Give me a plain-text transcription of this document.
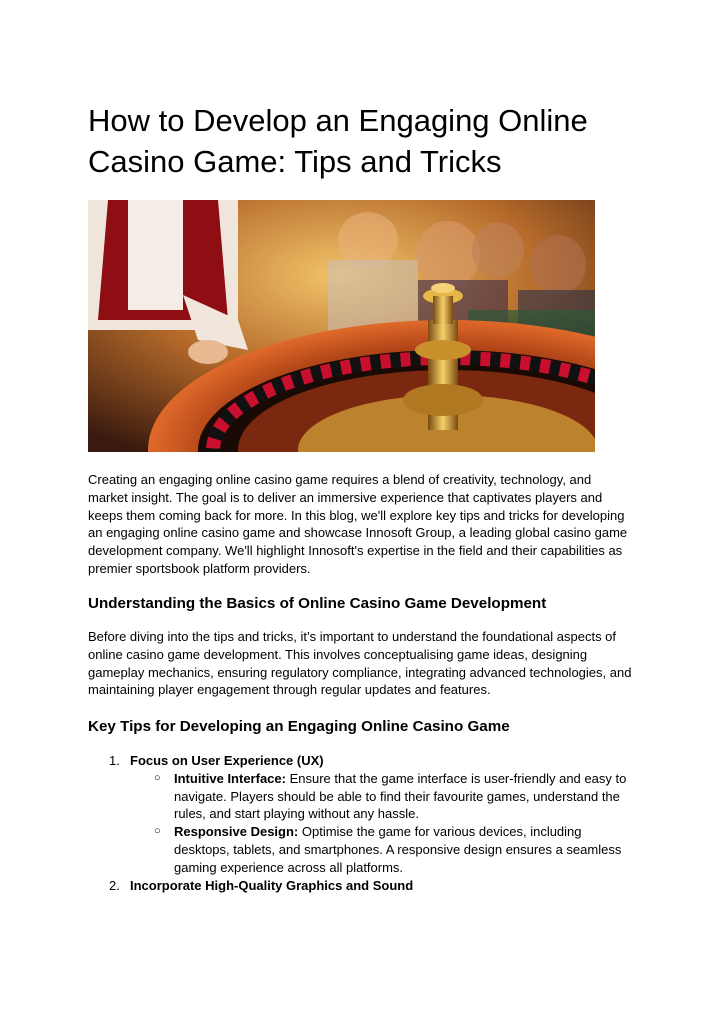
How to Develop an Engaging Online Casino Game: Tips and Tricks

Creating an engaging online casino game requires a blend of creativity, technology, and market insight. The goal is to deliver an immersive experience that captivates players and keeps them coming back for more. In this blog, we'll explore key tips and tricks for developing an engaging online casino game and showcase Innosoft Group, a leading global casino game development company. We'll highlight Innosoft's expertise in the field and their capabilities as premier sportsbook platform providers.

Understanding the Basics of Online Casino Game Development

Before diving into the tips and tricks, it’s important to understand the foundational aspects of online casino game development. This involves conceptualising game ideas, designing gameplay mechanics, ensuring regulatory compliance, integrating advanced technologies, and maintaining player engagement through regular updates and features.

Key Tips for Developing an Engaging Online Casino Game
1. Focus on User Experience (UX)
○ Intuitive Interface: Ensure that the game interface is user-friendly and easy to navigate. Players should be able to find their favourite games, understand the rules, and start playing without any hassle.
○ Responsive Design: Optimise the game for various devices, including desktops, tablets, and smartphones. A responsive design ensures a seamless gaming experience across all platforms.
2. Incorporate High-Quality Graphics and Sound
